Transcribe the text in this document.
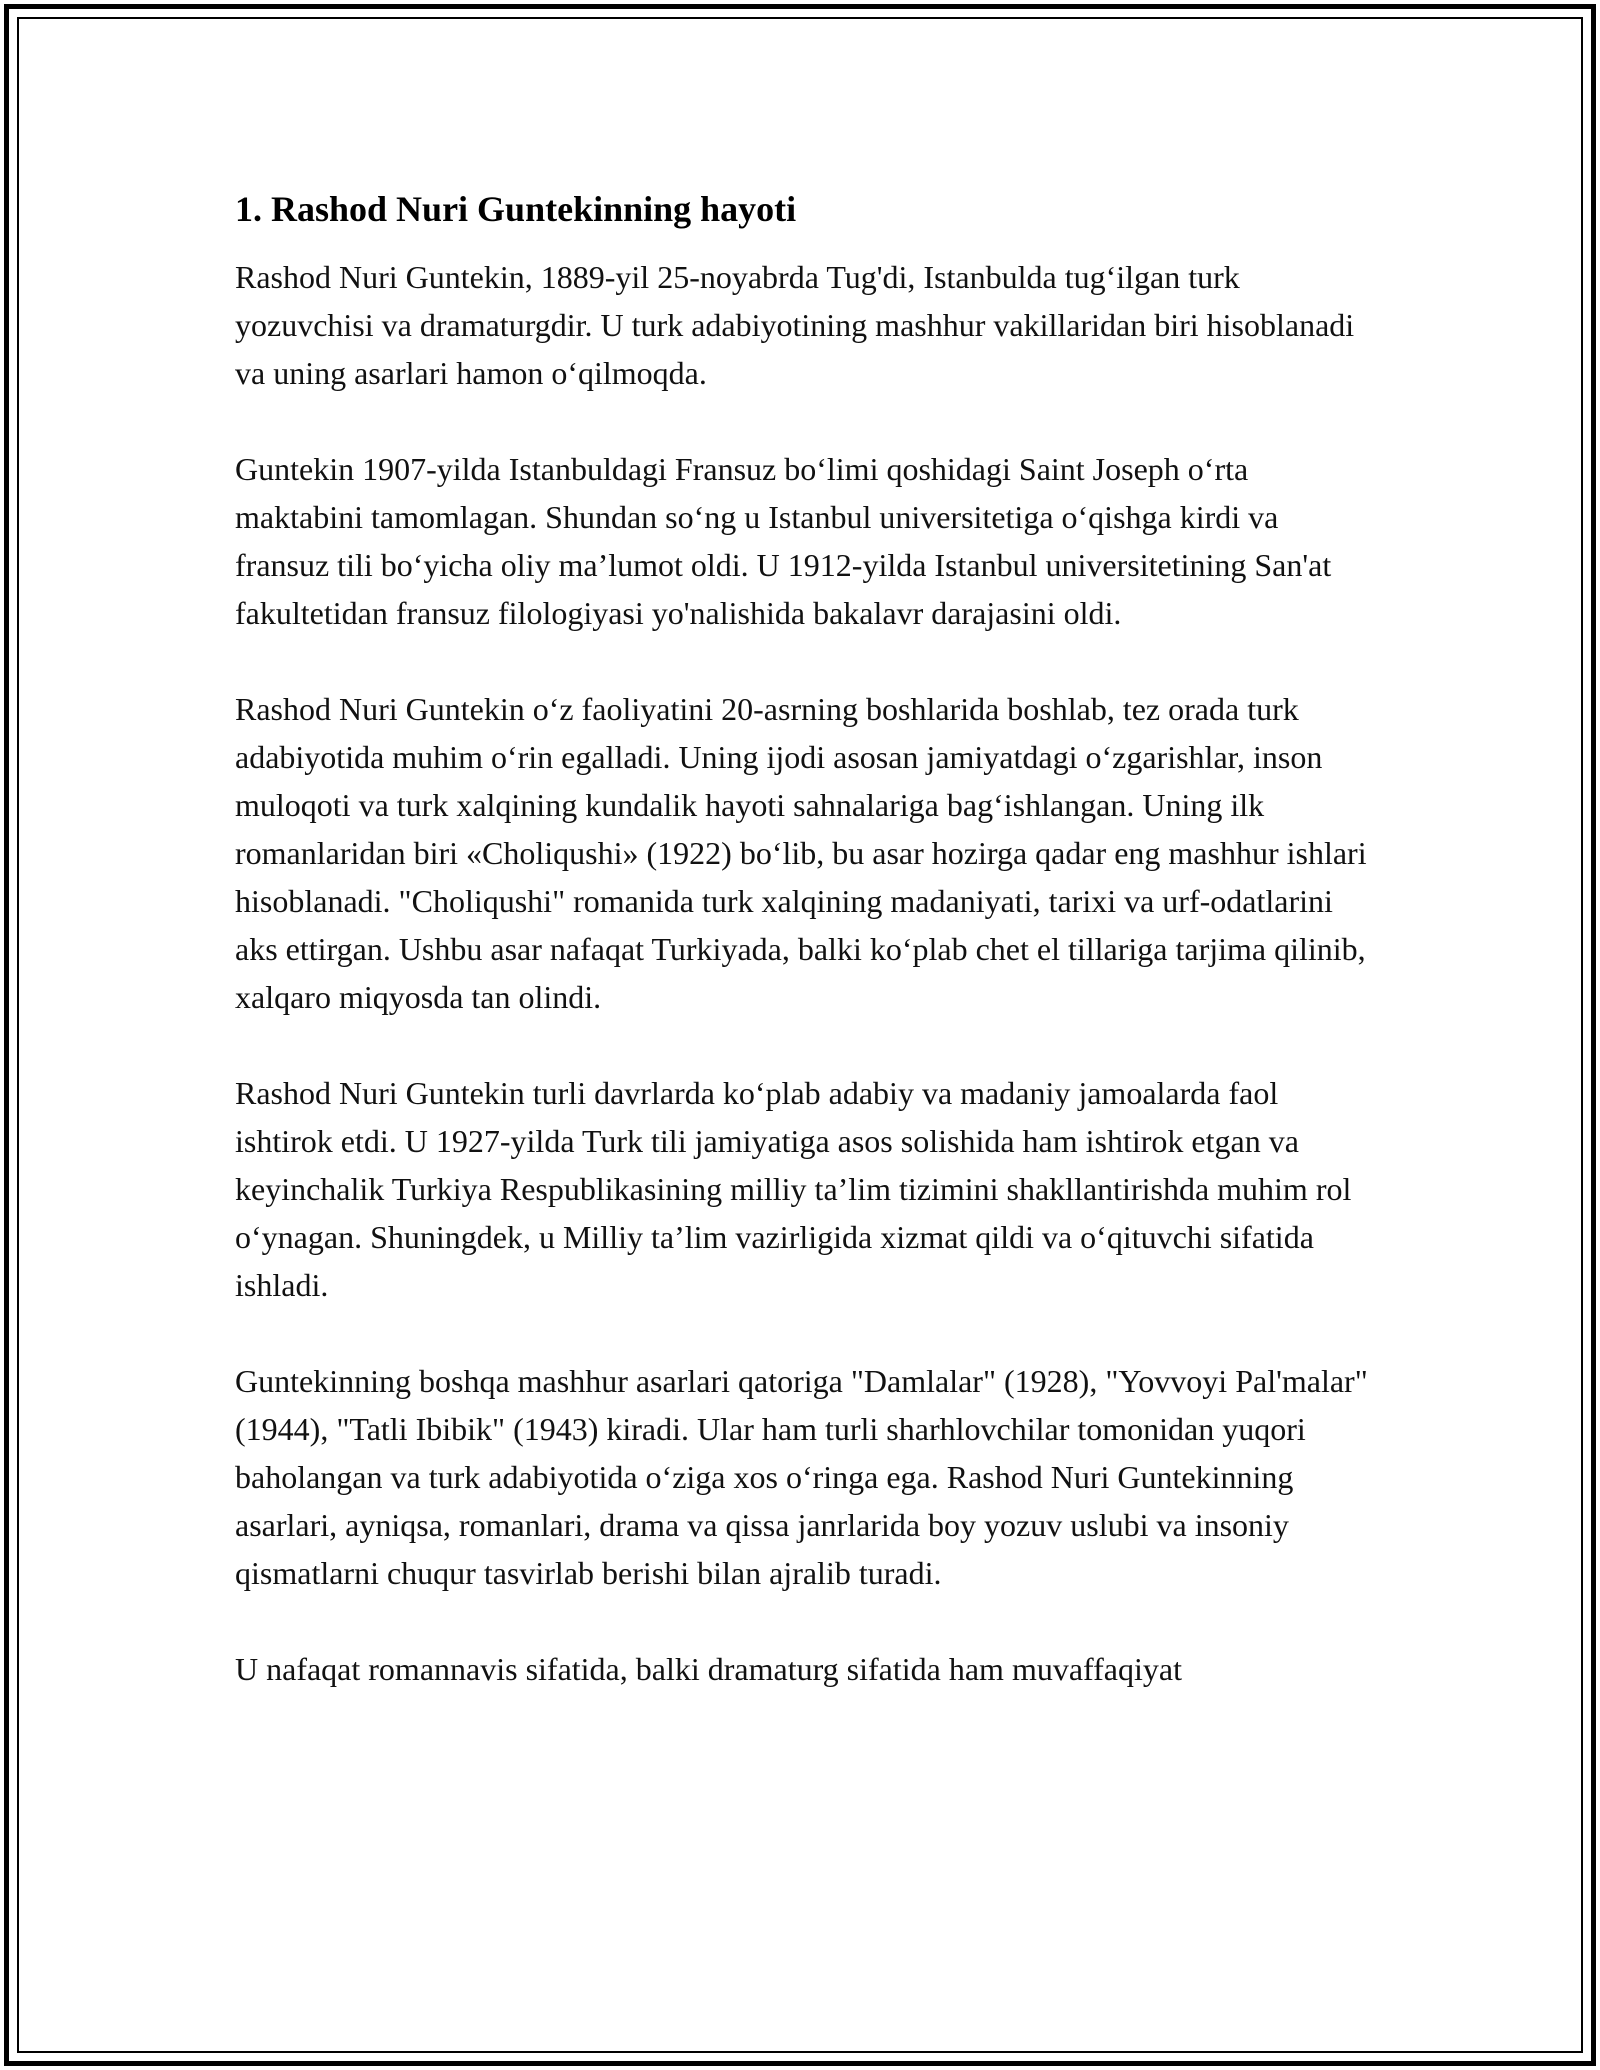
1. Rashod Nuri Guntekinning hayoti

Rashod Nuri Guntekin, 1889-yil 25-noyabrda Tug'di, Istanbulda tug‘ilgan turk yozuvchisi va dramaturgdir. U turk adabiyotining mashhur vakillaridan biri hisoblanadi va uning asarlari hamon o‘qilmoqda.

Guntekin 1907-yilda Istanbuldagi Fransuz bo‘limi qoshidagi Saint Joseph o‘rta maktabini tamomlagan. Shundan so‘ng u Istanbul universitetiga o‘qishga kirdi va fransuz tili bo‘yicha oliy ma’lumot oldi. U 1912-yilda Istanbul universitetining San'at fakultetidan fransuz filologiyasi yo'nalishida bakalavr darajasini oldi.

Rashod Nuri Guntekin o‘z faoliyatini 20-asrning boshlarida boshlab, tez orada turk adabiyotida muhim o‘rin egalladi. Uning ijodi asosan jamiyatdagi o‘zgarishlar, inson muloqoti va turk xalqining kundalik hayoti sahnalariga bag‘ishlangan. Uning ilk romanlaridan biri «Choliqushi» (1922) bo‘lib, bu asar hozirga qadar eng mashhur ishlari hisoblanadi. "Choliqushi" romanida turk xalqining madaniyati, tarixi va urf-odatlarini aks ettirgan. Ushbu asar nafaqat Turkiyada, balki ko‘plab chet el tillariga tarjima qilinib, xalqaro miqyosda tan olindi.

Rashod Nuri Guntekin turli davrlarda ko‘plab adabiy va madaniy jamoalarda faol ishtirok etdi. U 1927-yilda Turk tili jamiyatiga asos solishida ham ishtirok etgan va keyinchalik Turkiya Respublikasining milliy ta’lim tizimini shakllantirishda muhim rol o‘ynagan. Shuningdek, u Milliy ta’lim vazirligida xizmat qildi va o‘qituvchi sifatida ishladi.

Guntekinning boshqa mashhur asarlari qatoriga "Damlalar" (1928), "Yovvoyi Pal'malar" (1944), "Tatli Ibibik" (1943) kiradi. Ular ham turli sharhlovchilar tomonidan yuqori baholangan va turk adabiyotida o‘ziga xos o‘ringa ega. Rashod Nuri Guntekinning asarlari, ayniqsa, romanlari, drama va qissa janrlarida boy yozuv uslubi va insoniy qismatlarni chuqur tasvirlab berishi bilan ajralib turadi.

U nafaqat romannavis sifatida, balki dramaturg sifatida ham muvaffaqiyat
